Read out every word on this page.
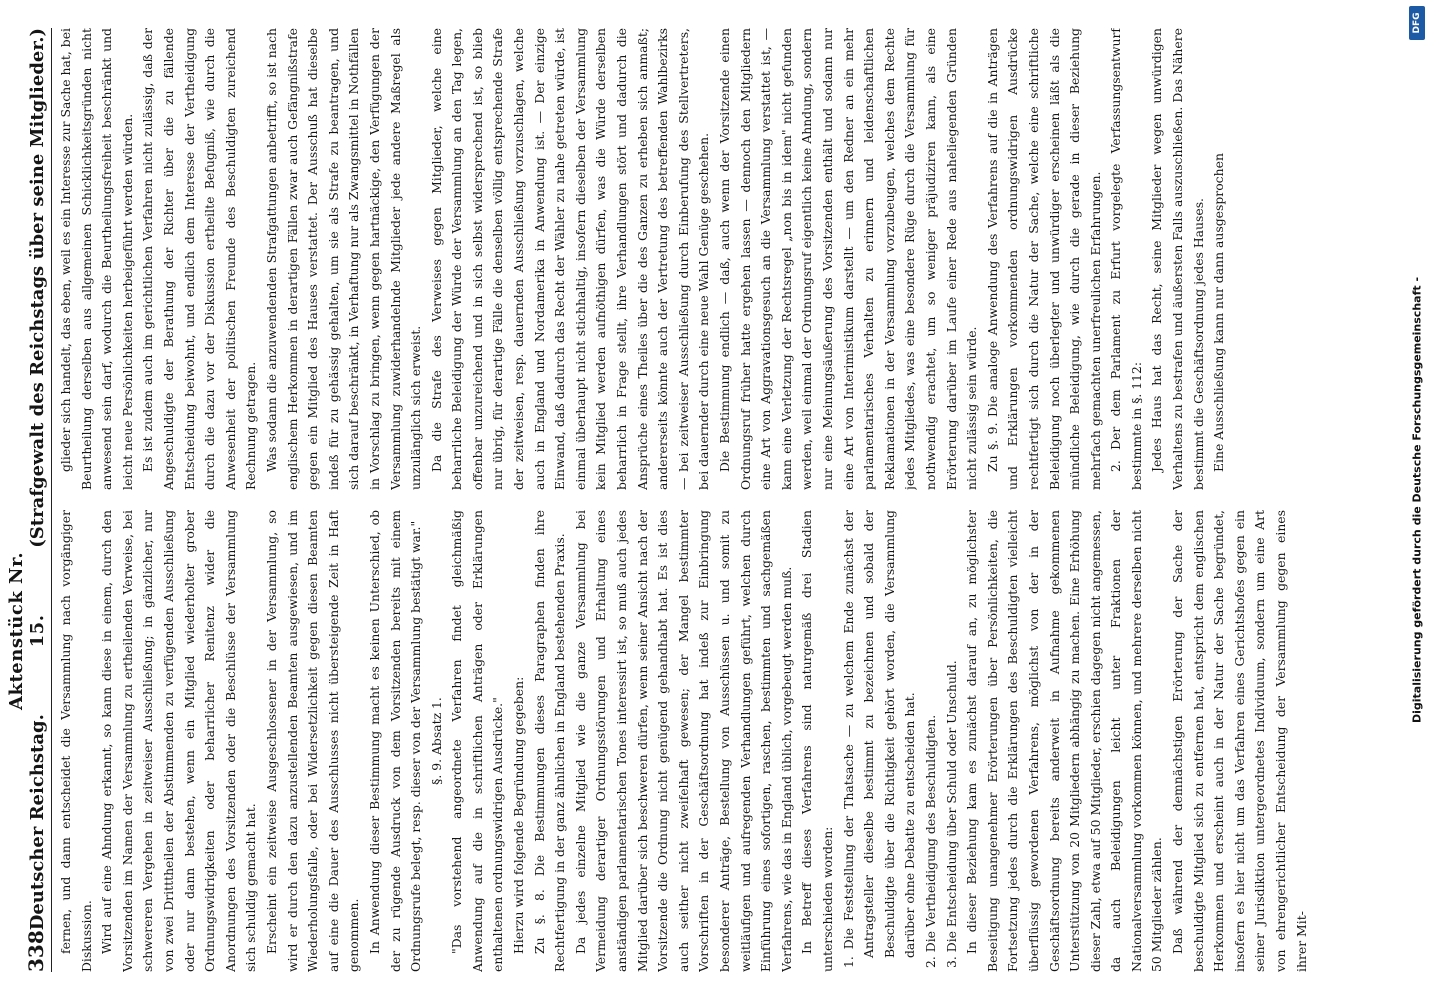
338
Deutscher Reichstag.
Aktenstück Nr. 15.
(Strafgewalt des Reichstags über seine Mitglieder.)

fernen, und dann entscheidet die Versammlung nach vorgängiger Diskussion. Wird auf eine Ahndung erkannt, so kann diese in einem, durch den Vorsitzenden im Namen der Versammlung zu ertheilenden Verweise, bei schwereren Vergehen in zeitweiser Ausschließung; in gänzlicher, nur von zwei Dritttheilen der Abstimmenden zu verfügenden Ausschließung oder nur dann bestehen, wenn ein Mitglied wiederholter grober Ordnungswidrigkeiten oder beharrlicher Renitenz wider die Anordnungen des Vorsitzenden oder die Beschlüsse der Versammlung sich schuldig gemacht hat. Erscheint ein zeitweise Ausgeschlossener in der Versammlung, so wird er durch den dazu anzustellenden Beamten ausgewiesen, und im Wiederholungsfalle, oder bei Widersetzlichkeit gegen diesen Beamten auf eine die Dauer des Ausschlusses nicht übersteigende Zeit in Haft genommen. In Anwendung dieser Bestimmung macht es keinen Unterschied, ob der zu rügende Ausdruck von dem Vorsitzenden bereits mit einem Ordnungsrufe belegt, resp. dieser von der Versammlung bestätigt war." §. 9. Absatz 1. "Das vorstehend angeordnete Verfahren findet gleichmäßig Anwendung auf die in schriftlichen Anträgen oder Erklärungen enthaltenen ordnungswidrigen Ausdrücke." Hierzu wird folgende Begründung gegeben: Zu §. 8. Die Bestimmungen dieses Paragraphen finden ihre Rechtfertigung in der ganz ähnlichen in England bestehenden Praxis. Da jedes einzelne Mitglied wie die ganze Versammlung bei Vermeidung derartiger Ordnungsstörungen und Erhaltung eines anständigen parlamentarischen Tones interessirt ist, so muß auch jedes Mitglied darüber sich beschweren dürfen, wenn seiner Ansicht nach der Vorsitzende die Ordnung nicht genügend gehandhabt hat. Es ist dies auch seither nicht zweifelhaft gewesen; der Mangel bestimmter Vorschriften in der Geschäftsordnung hat indeß zur Einbringung besonderer Anträge, Bestellung von Ausschüssen u. und somit zu weitläufigen und aufregenden Verhandlungen geführt, welchen durch Einführung eines sofortigen, raschen, bestimmten und sachgemäßen Verfahrens, wie das in England üblich, vorgebeugt werden muß. In Betreff dieses Verfahrens sind naturgemäß drei Stadien unterschieden worden: 1. Die Feststellung der Thatsache — zu welchem Ende zunächst der Antragsteller dieselbe bestimmt zu bezeichnen und sobald der Beschuldigte über die Richtigkeit gehört worden, die Versammlung darüber ohne Debatte zu entscheiden hat. 2. Die Vertheidigung des Beschuldigten. 3. Die Entscheidung über Schuld oder Unschuld. In dieser Beziehung kam es zunächst darauf an, zu möglichster Beseitigung unangenehmer Erörterungen über Persönlichkeiten, die Fortsetzung jedes durch die Erklärungen des Beschuldigten vielleicht überflüssig gewordenen Verfahrens, möglichst von der in der Geschäftsordnung bereits anderweit in Aufnahme gekommenen Unterstützung von 20 Mitgliedern abhängig zu machen. Eine Erhöhung dieser Zahl, etwa auf 50 Mitglieder, erschien dagegen nicht angemessen, da auch Beleidigungen leicht unter Fraktionen der Nationalversammlung vorkommen können, und mehrere derselben nicht 50 Mitglieder zählen. Daß während der demnächstigen Erörterung der Sache der beschuldigte Mitglied sich zu entfernen hat, entspricht dem englischen Herkommen und erscheint auch in der Natur der Sache begründet, insofern es hier nicht um das Verfahren eines Gerichtshofes gegen ein seiner Jurisdiktion untergeordnetes Individuum, sondern um eine Art von ehrengerichtlicher Entscheidung der Versammlung gegen eines ihrer Mit-

glieder sich handelt, das eben, weil es ein Interesse zur Sache hat, bei Beurtheilung derselben aus allgemeinen Schicklichkeitsgründen nicht anwesend sein darf, wodurch die Beurtheilungsfreiheit beschränkt und leicht neue Persönlichkeiten herbeigeführt werden würden. Es ist zudem auch im gerichtlichen Verfahren nicht zulässig, daß der Angeschuldigte der Berathung der Richter über die zu fällende Entscheidung beiwohnt, und endlich dem Interesse der Vertheidigung durch die dazu vor der Diskussion ertheilte Befugniß, wie durch die Anwesenheit der politischen Freunde des Beschuldigten zureichend Rechnung getragen. Was sodann die anzuwendenden Strafgattungen anbetrifft, so ist nach englischem Herkommen in derartigen Fällen zwar auch Gefängnißstrafe gegen ein Mitglied des Hauses verstattet. Der Ausschuß hat dieselbe indeß für zu gehässig gehalten, um sie als Strafe zu beantragen, und sich darauf beschränkt, in Verhaftung nur als Zwangsmittel in Nothfällen in Vorschlag zu bringen, wenn gegen hartnäckige, den Verfügungen der Versammlung zuwiderhandelnde Mitglieder jede andere Maßregel als unzulänglich sich erweist. Da die Strafe des Verweises gegen Mitglieder, welche eine beharrliche Beleidigung der Würde der Versammlung an den Tag legen, offenbar unzureichend und in sich selbst widersprechend ist, so blieb nur übrig, für derartige Fälle die denselben völlig entsprechende Strafe der zeitweisen, resp. dauernden Ausschließung vorzuschlagen, welche auch in England und Nordamerika in Anwendung ist. — Der einzige Einwand, daß dadurch das Recht der Wähler zu nahe getreten würde, ist einmal überhaupt nicht stichhaltig, insofern dieselben der Versammlung kein Mitglied werden aufnöthigen dürfen, was die Würde derselben beharrlich in Frage stellt, ihre Verhandlungen stört und dadurch die Ansprüche eines Theiles über die des Ganzen zu erheben sich anmaßt; andererseits könnte auch der Vertretung des betreffenden Wahlbezirks — bei zeitweiser Ausschließung durch Einberufung des Stellvertreters, bei dauernder durch eine neue Wahl Genüge geschehen. Die Bestimmung endlich — daß, auch wenn der Vorsitzende einen Ordnungsruf früher hatte ergehen lassen — dennoch den Mitgliedern eine Art von Aggravationsgesuch an die Versammlung verstattet ist, — kann eine Verletzung der Rechtsregel „non bis in idem" nicht gefunden werden, weil einmal der Ordnungsruf eigentlich keine Ahndung, sondern nur eine Meinungsäußerung des Vorsitzenden enthält und sodann nur eine Art von Interimistikum darstellt — um den Redner an ein mehr parlamentarisches Verhalten zu erinnern und leidenschaftlichen Reklamationen in der Versammlung vorzubeugen, welches dem Rechte jedes Mitgliedes, was eine besondere Rüge durch die Versammlung für nothwendig erachtet, um so weniger präjudiziren kann, als eine Erörterung darüber im Laufe einer Rede aus naheliegenden Gründen nicht zulässig sein würde. Zu §. 9. Die analoge Anwendung des Verfahrens auf die in Anträgen und Erklärungen vorkommenden ordnungswidrigen Ausdrücke rechtfertigt sich durch die Natur der Sache, welche eine schriftliche Beleidigung noch überlegter und unwürdiger erscheinen läßt als die mündliche Beleidigung, wie durch die gerade in dieser Beziehung mehrfach gemachten unerfreulichen Erfahrungen. 2. Der dem Parlament zu Erfurt vorgelegte Verfassungsentwurf bestimmte in §. 112: Jedes Haus hat das Recht, seine Mitglieder wegen unwürdigen Verhaltens zu bestrafen und äußersten Falls auszuschließen. Das Nähere bestimmt die Geschäftsordnung jedes Hauses. Eine Ausschließung kann nur dann ausgesprochen	Digitalisierung gefördert durch die Deutsche Forschungsgemeinschaft -
DFG
